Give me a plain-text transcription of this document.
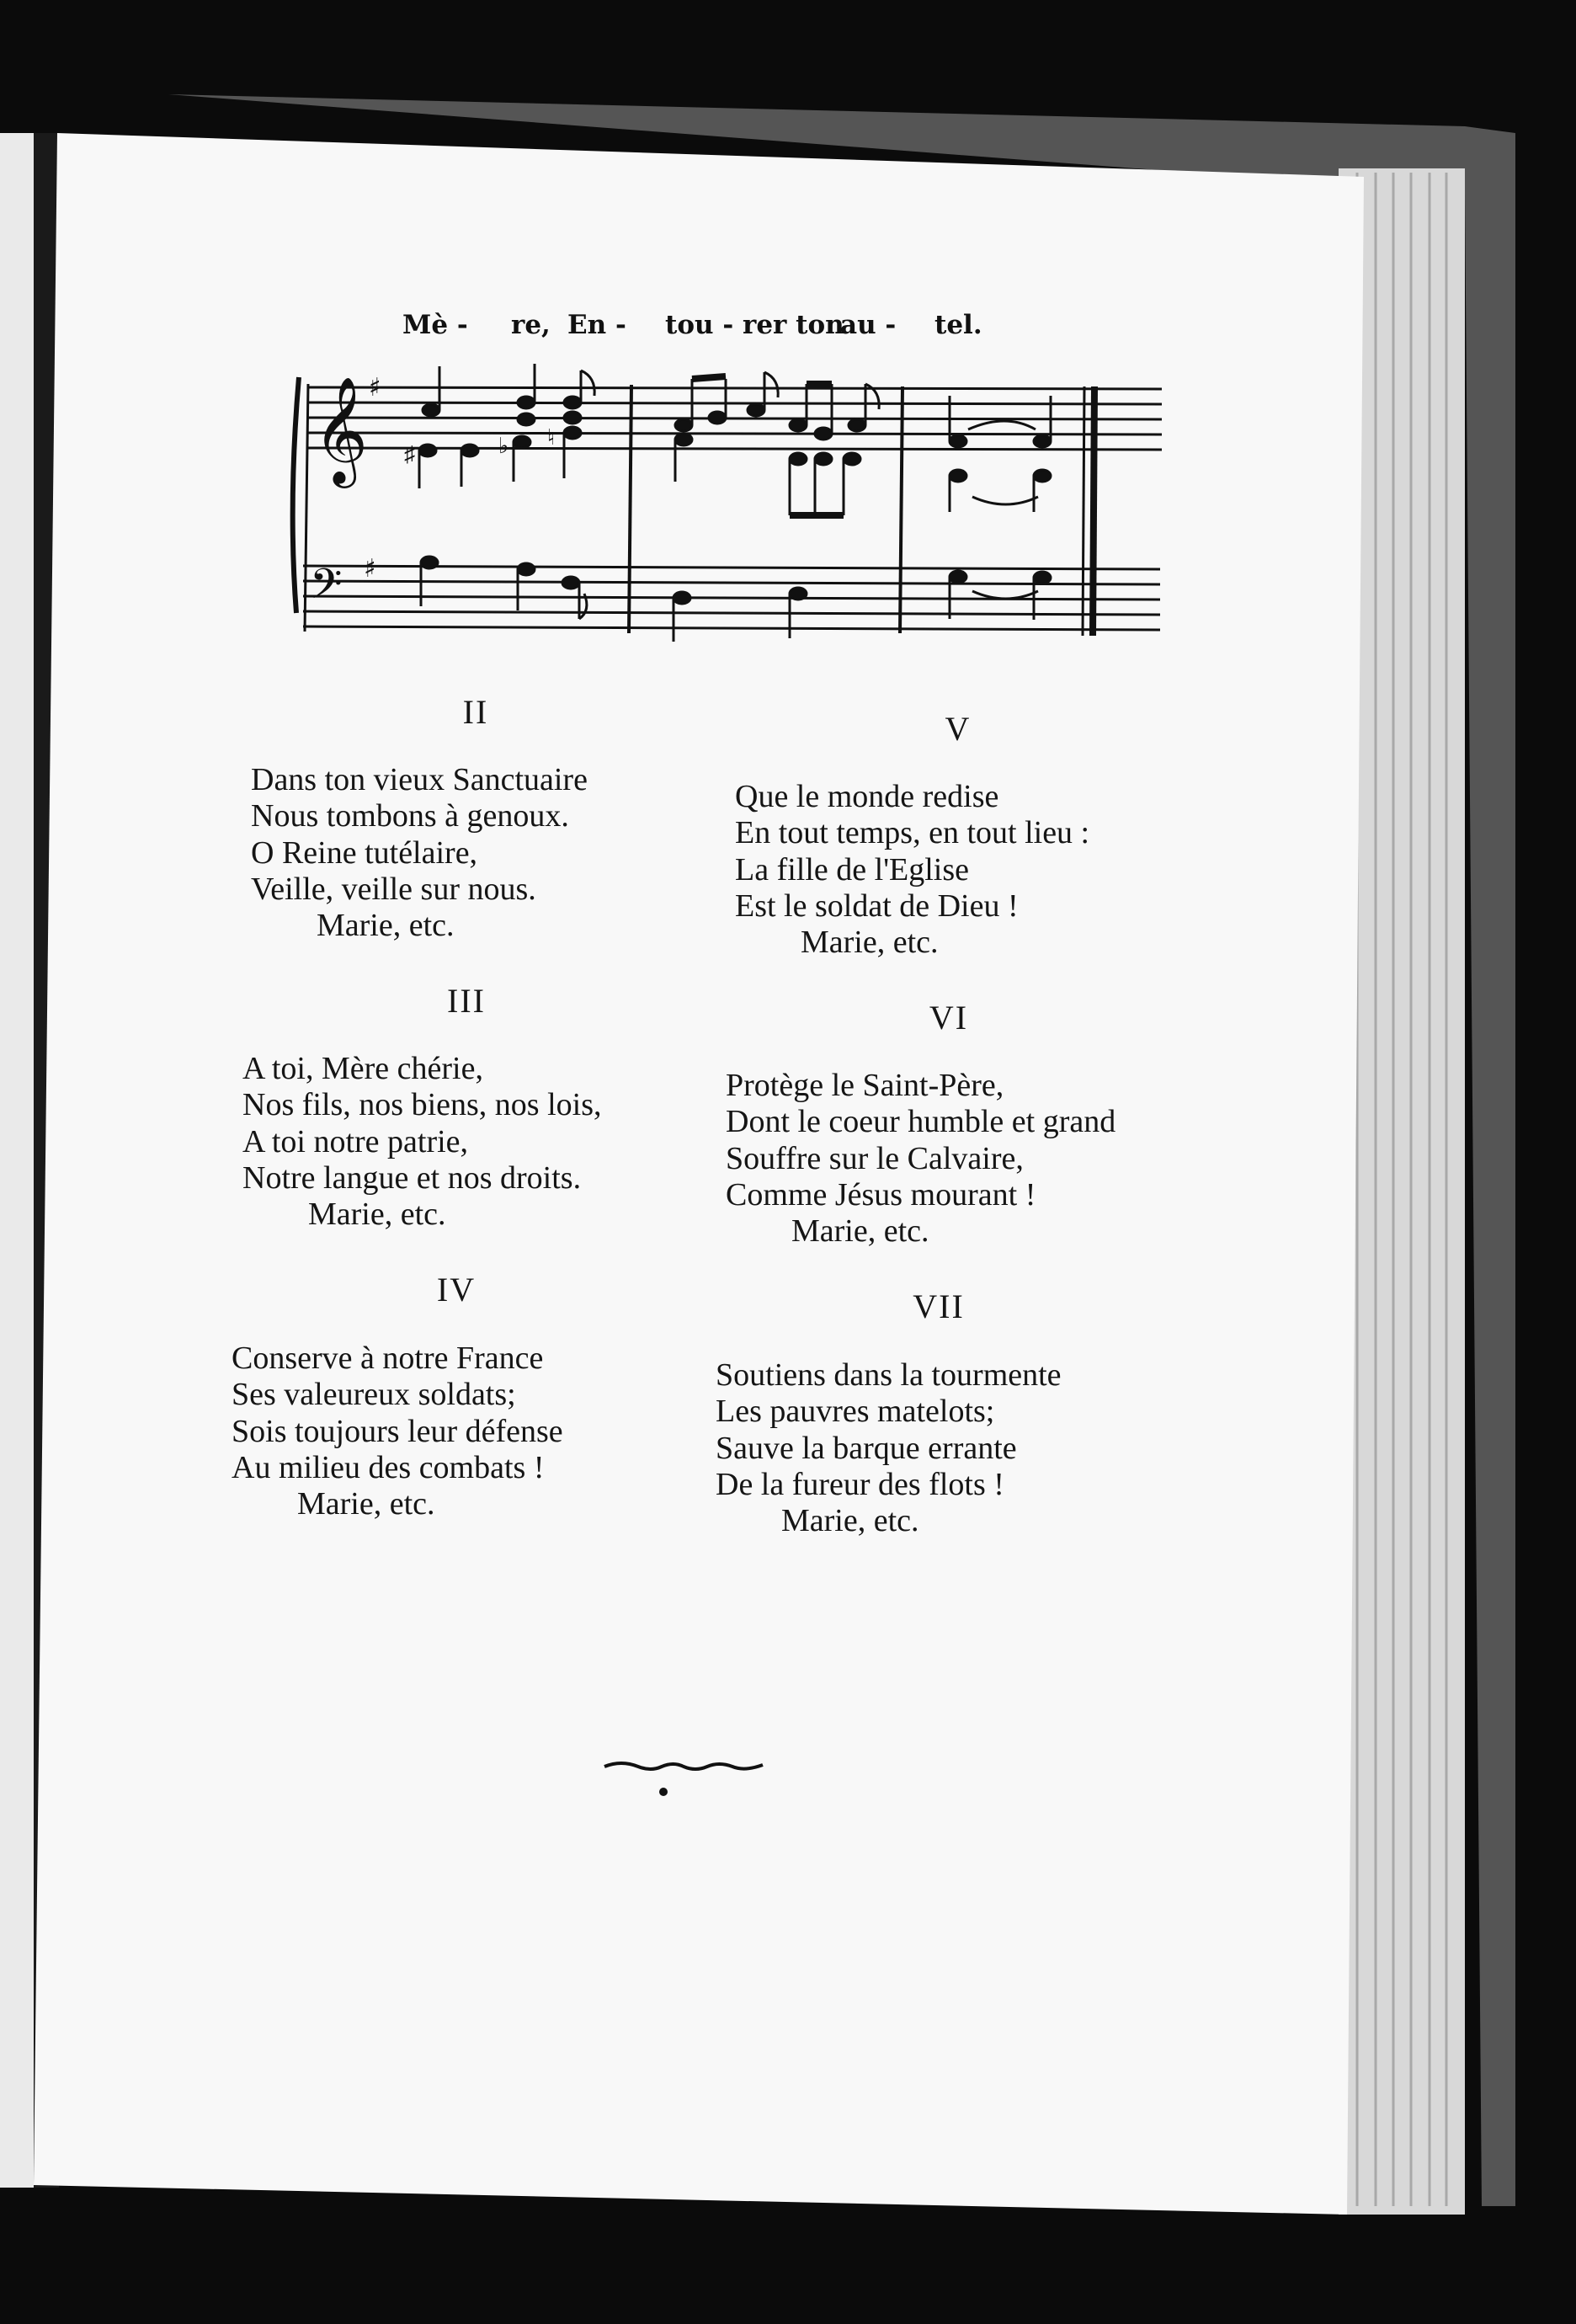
Mè - re, En - tou - rer ton
au - tel.
𝄞
𝄢
♯
♯
♯	♭ ♮
II
Dans ton vieux Sanctuaire
Nous tombons à genoux.
O Reine tutélaire,
Veille, veille sur nous.
Marie, etc.
III
A toi, Mère chérie,
Nos fils, nos biens, nos lois,
A toi notre patrie,
Notre langue et nos droits.
Marie, etc.
IV
Conserve à notre France
Ses valeureux soldats;
Sois toujours leur défense
Au milieu des combats !
Marie, etc.
V
Que le monde redise
En tout temps, en tout lieu :
La fille de l'Eglise
Est le soldat de Dieu !
Marie, etc.
VI
Protège le Saint-Père,
Dont le coeur humble et grand
Souffre sur le Calvaire,
Comme Jésus mourant !
Marie, etc.
VII
Soutiens dans la tourmente
Les pauvres matelots;
Sauve la barque errante
De la fureur des flots !
Marie, etc.
